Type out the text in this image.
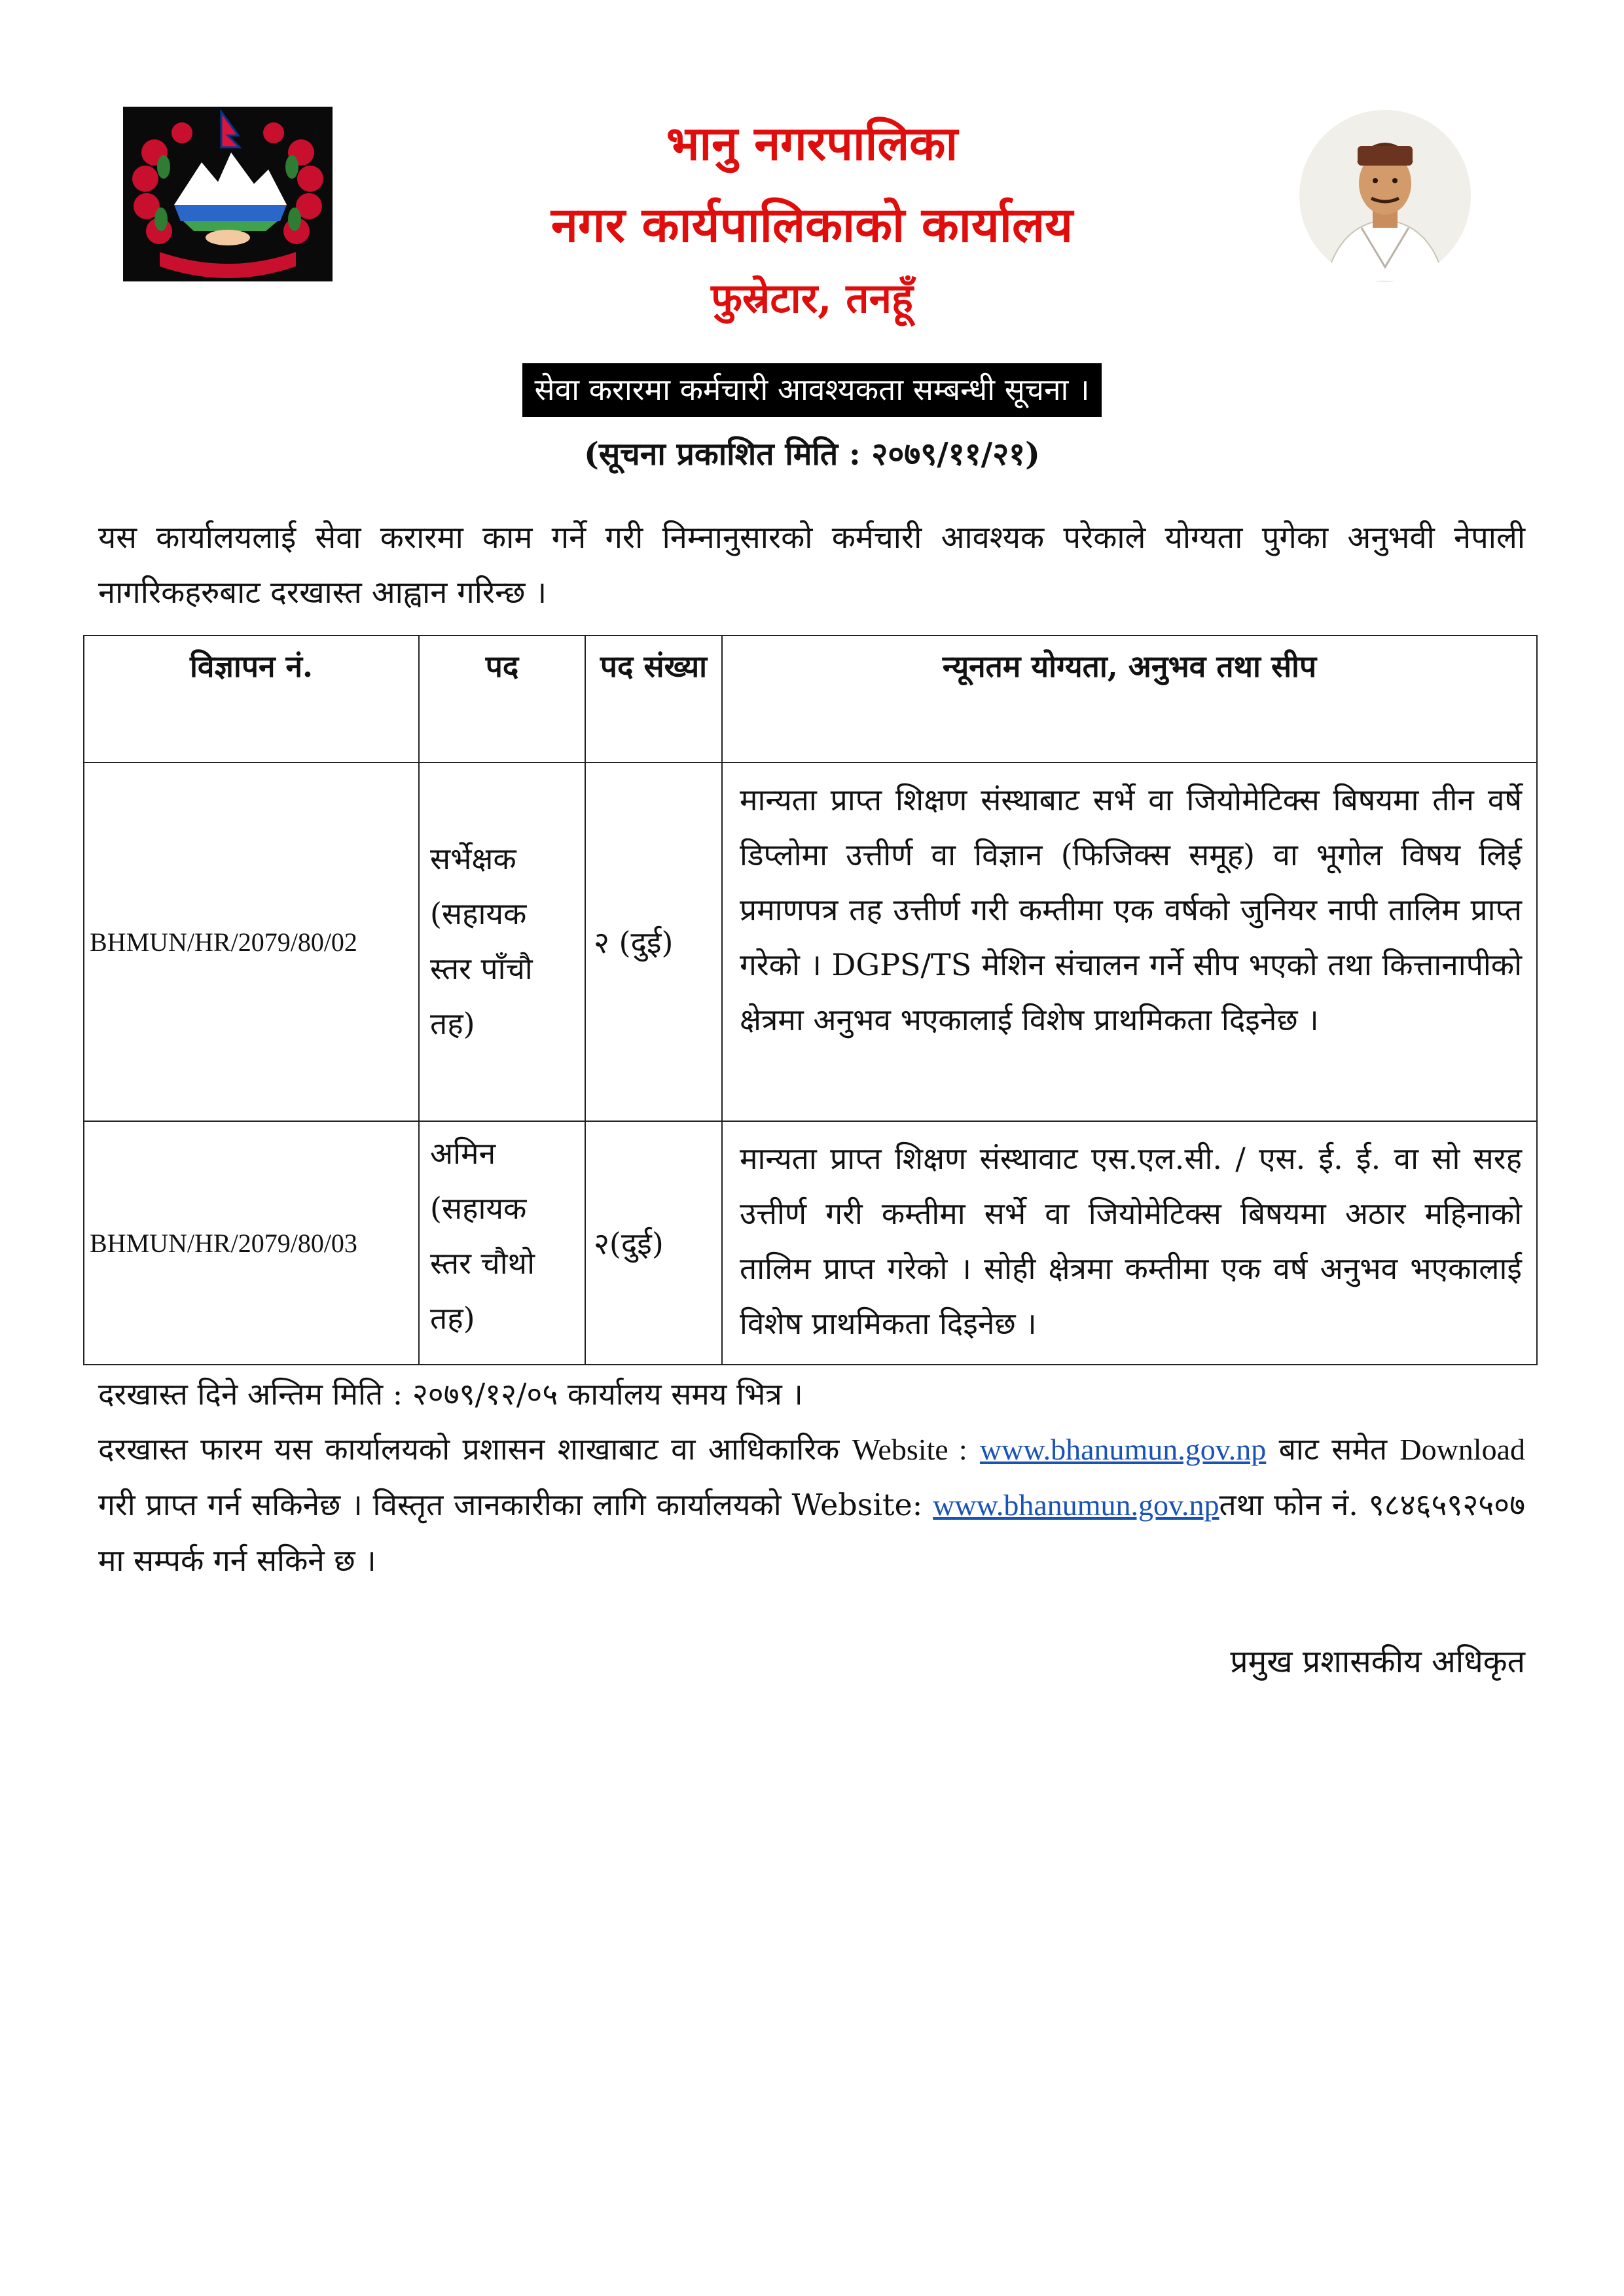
भानु नगरपालिका
नगर कार्यपालिकाको कार्यालय
फुस्रेटार, तनहूँ
सेवा करारमा कर्मचारी आवश्यकता सम्बन्धी सूचना ।
(सूचना प्रकाशित मिति : २०७९/११/२१)
यस कार्यालयलाई सेवा करारमा काम गर्ने गरी निम्नानुसारको कर्मचारी आवश्यक परेकाले योग्यता पुगेका अनुभवी नेपाली नागरिकहरुबाट दरखास्त आह्वान गरिन्छ ।
विज्ञापन नं.	पद	पद संख्या	न्यूनतम योग्यता, अनुभव तथा सीप
BHMUN/HR/2079/80/02	सर्भेक्षक (सहायक स्तर पाँचौ तह)	२ (दुई)	मान्यता प्राप्त शिक्षण संस्थाबाट सर्भे वा जियोमेटिक्स बिषयमा तीन वर्षे डिप्लोमा उत्तीर्ण वा विज्ञान (फिजिक्स समूह) वा भूगोल विषय लिई प्रमाणपत्र तह उत्तीर्ण गरी कम्तीमा एक वर्षको जुनियर नापी तालिम प्राप्त गरेको । DGPS/TS मेशिन संचालन गर्ने सीप भएको तथा कित्तानापीको क्षेत्रमा अनुभव भएकालाई विशेष प्राथमिकता दिइनेछ ।
BHMUN/HR/2079/80/03	अमिन (सहायक स्तर चौथो तह)	२(दुई)	मान्यता प्राप्त शिक्षण संस्थावाट एस.एल.सी. / एस. ई. ई. वा सो सरह उत्तीर्ण गरी कम्तीमा सर्भे वा जियोमेटिक्स बिषयमा अठार महिनाको तालिम प्राप्त गरेको । सोही क्षेत्रमा कम्तीमा एक वर्ष अनुभव भएकालाई विशेष प्राथमिकता दिइनेछ ।
दरखास्त दिने अन्तिम मिति : २०७९/१२/०५ कार्यालय समय भित्र ।
दरखास्त फारम यस कार्यालयको प्रशासन शाखाबाट वा आधिकारिक Website : www.bhanumun.gov.np बाट समेत Download गरी प्राप्त गर्न सकिनेछ । विस्तृत जानकारीका लागि कार्यालयको Website: www.bhanumun.gov.npतथा फोन नं. ९८४६५९२५०७ मा सम्पर्क गर्न सकिने छ ।
प्रमुख प्रशासकीय अधिकृत
